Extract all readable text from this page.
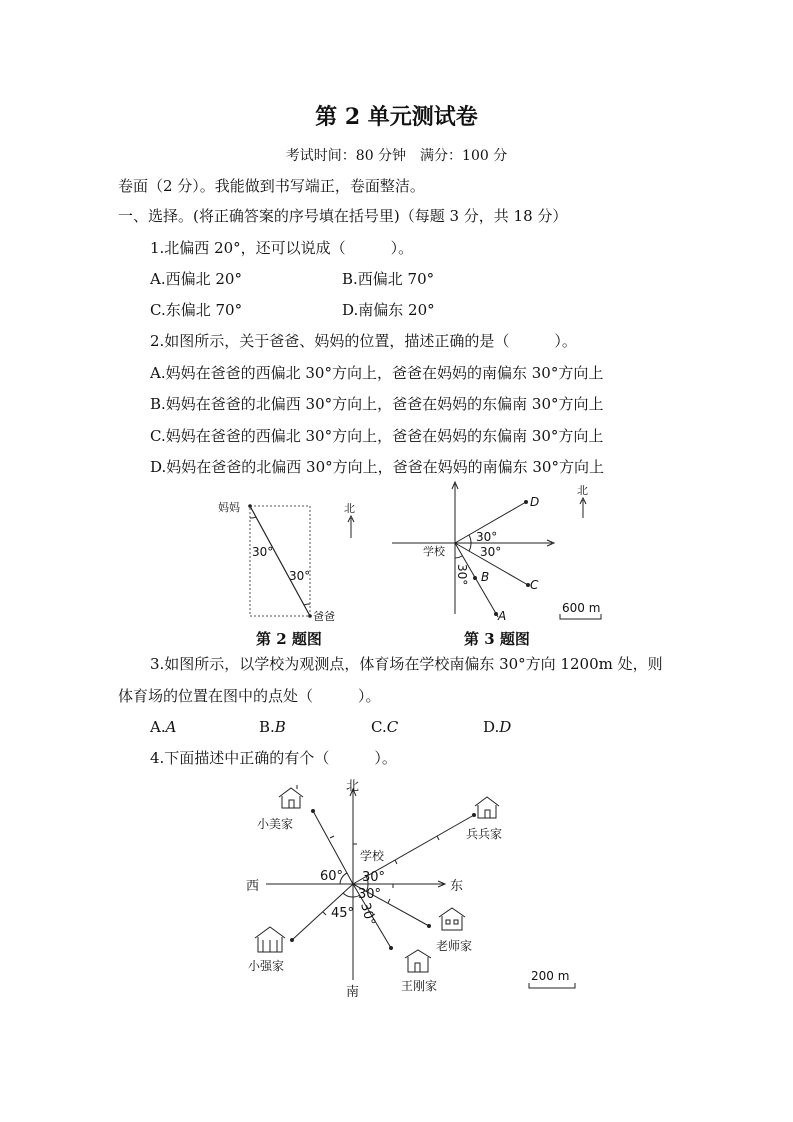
第 2 单元测试卷
考试时间：80 分钟　满分：100 分
卷面（2 分）。我能做到书写端正，卷面整洁。
一、选择。(将正确答案的序号填在括号里)（每题 3 分，共 18 分）
1.北偏西 20°，还可以说成（　　　）。
A.西偏北 20°	B.西偏北 70°
C.东偏北 70°	D.南偏东 20°
2.如图所示，关于爸爸、妈妈的位置，描述正确的是（　　　）。
A.妈妈在爸爸的西偏北 30°方向上，爸爸在妈妈的南偏东 30°方向上
B.妈妈在爸爸的北偏西 30°方向上，爸爸在妈妈的东偏南 30°方向上
C.妈妈在爸爸的西偏北 30°方向上，爸爸在妈妈的东偏南 30°方向上
D.妈妈在爸爸的北偏西 30°方向上，爸爸在妈妈的南偏东 30°方向上
妈妈
爸爸
30°
30°
北
30°
30°
30°
学校
D
C
B
A
北
600 m
60° 30°
30°
45° 30°
北
南
东
西
学校
小美家
兵兵家
老师家
王刚家
小强家
200 m
第 2 题图	第 3 题图
3.如图所示，以学校为观测点，体育场在学校南偏东 30°方向 1200m 处，则
体育场的位置在图中的点处（　　　）。
A.A	B.B	C.C	D.D
4.下面描述中正确的有个（　　　）。
